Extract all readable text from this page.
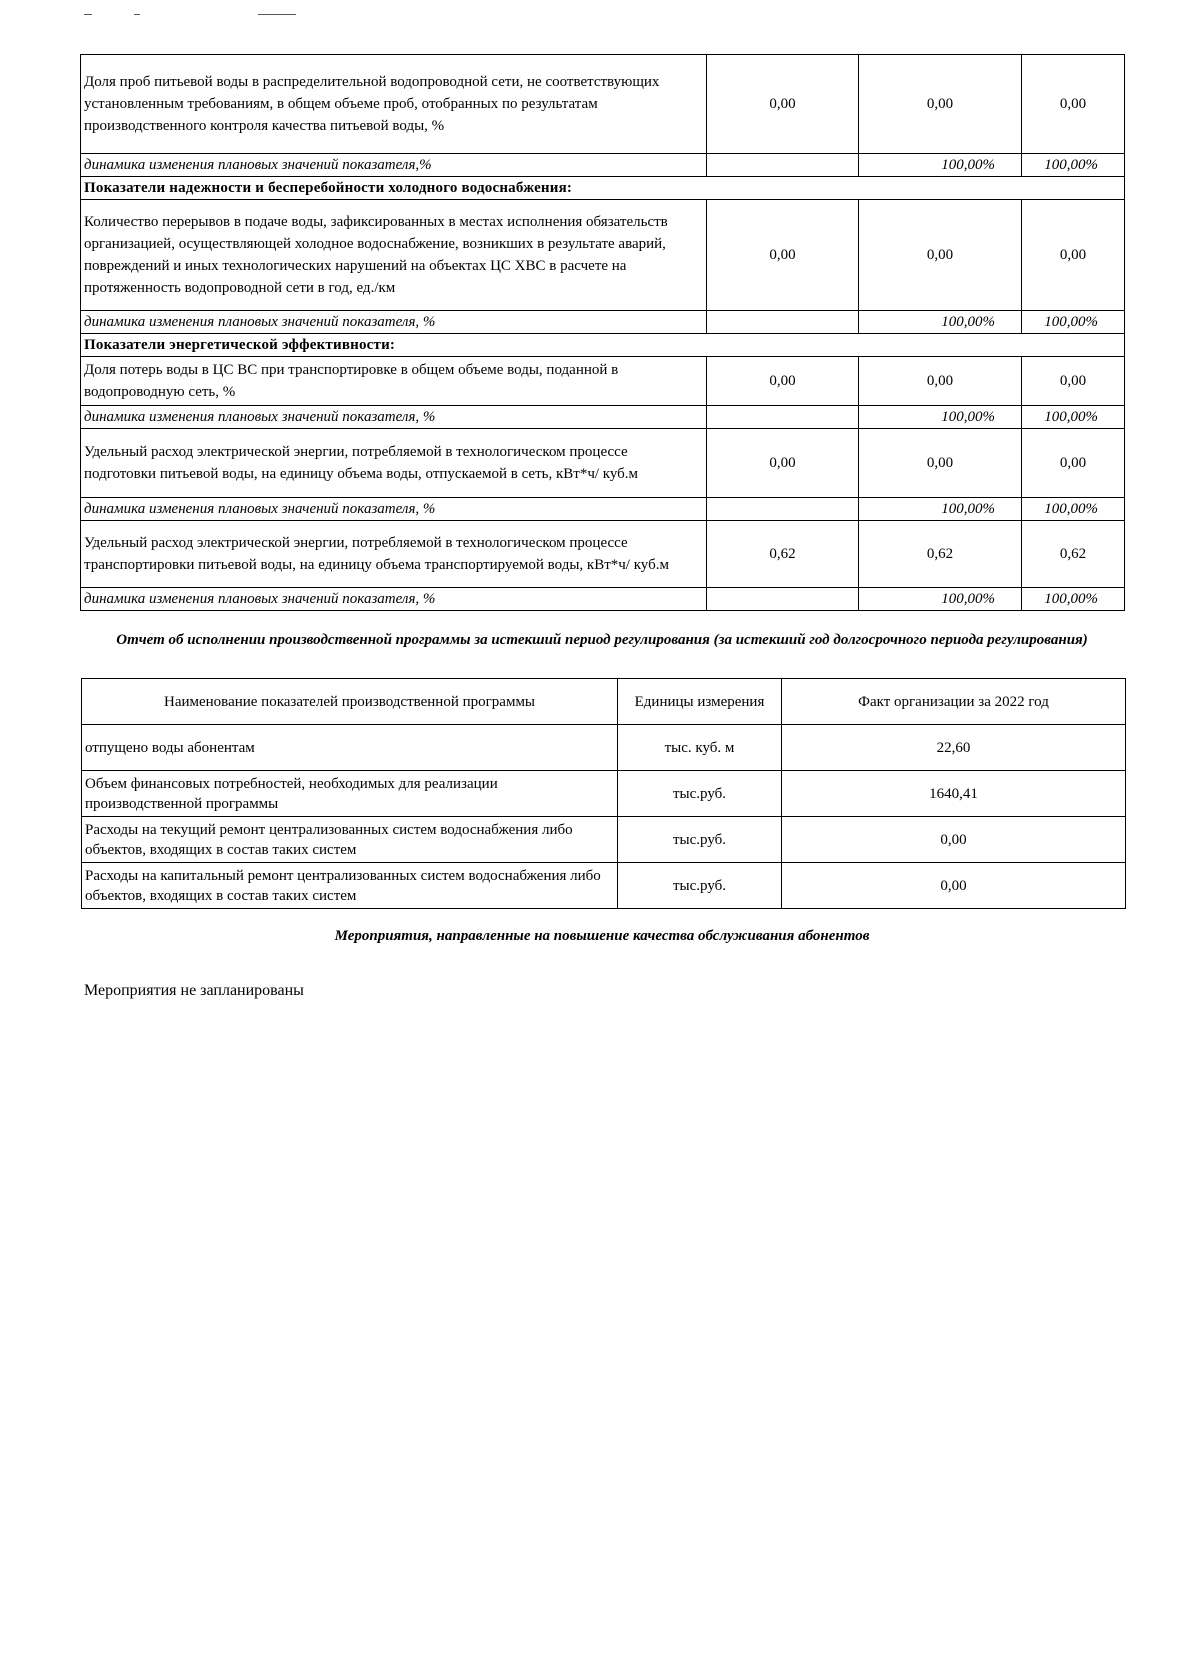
Доля проб питьевой воды в распределительной водопроводной сети, не соответствующих установленным требованиям, в общем объеме проб, отобранных по результатам производственного контроля качества питьевой воды, %	0,00	0,00	0,00
динамика изменения плановых значений показателя,%		100,00%	100,00%
Показатели надежности и бесперебойности холодного водоснабжения:			
Количество перерывов в подаче воды, зафиксированных в местах исполнения обязательств организацией, осуществляющей холодное водоснабжение, возникших в результате аварий, повреждений и иных технологических нарушений на объектах ЦС ХВС в расчете на протяженность водопроводной сети в год, ед./км	0,00	0,00	0,00
динамика изменения плановых значений показателя, %		100,00%	100,00%
Показатели энергетической эффективности:			
Доля потерь воды в ЦС ВС при транспортировке в общем объеме воды, поданной в водопроводную сеть, %	0,00	0,00	0,00
динамика изменения плановых значений показателя, %		100,00%	100,00%
Удельный расход электрической энергии, потребляемой в технологическом процессе подготовки питьевой воды, на единицу объема воды, отпускаемой в сеть, кВт*ч/ куб.м	0,00	0,00	0,00
динамика изменения плановых значений показателя, %		100,00%	100,00%
Удельный расход электрической энергии, потребляемой в технологическом процессе транспортировки питьевой воды, на единицу объема транспортируемой воды, кВт*ч/ куб.м	0,62	0,62	0,62
динамика изменения плановых значений показателя, %		100,00%	100,00%
Отчет об исполнении производственной программы за истекший период регулирования (за истекший год долгосрочного периода регулирования)
Наименование показателей производственной программы	Единицы измерения	Факт организации за 2022 год
отпущено воды абонентам	тыс. куб. м	22,60
Объем финансовых потребностей, необходимых для реализации производственной программы	тыс.руб.	1640,41
Расходы на текущий ремонт централизованных систем водоснабжения либо объектов, входящих в состав таких систем	тыс.руб.	0,00
Расходы на капитальный ремонт централизованных систем водоснабжения либо объектов, входящих в состав таких систем	тыс.руб.	0,00
Мероприятия, направленные на повышение качества обслуживания абонентов
Мероприятия не запланированы
